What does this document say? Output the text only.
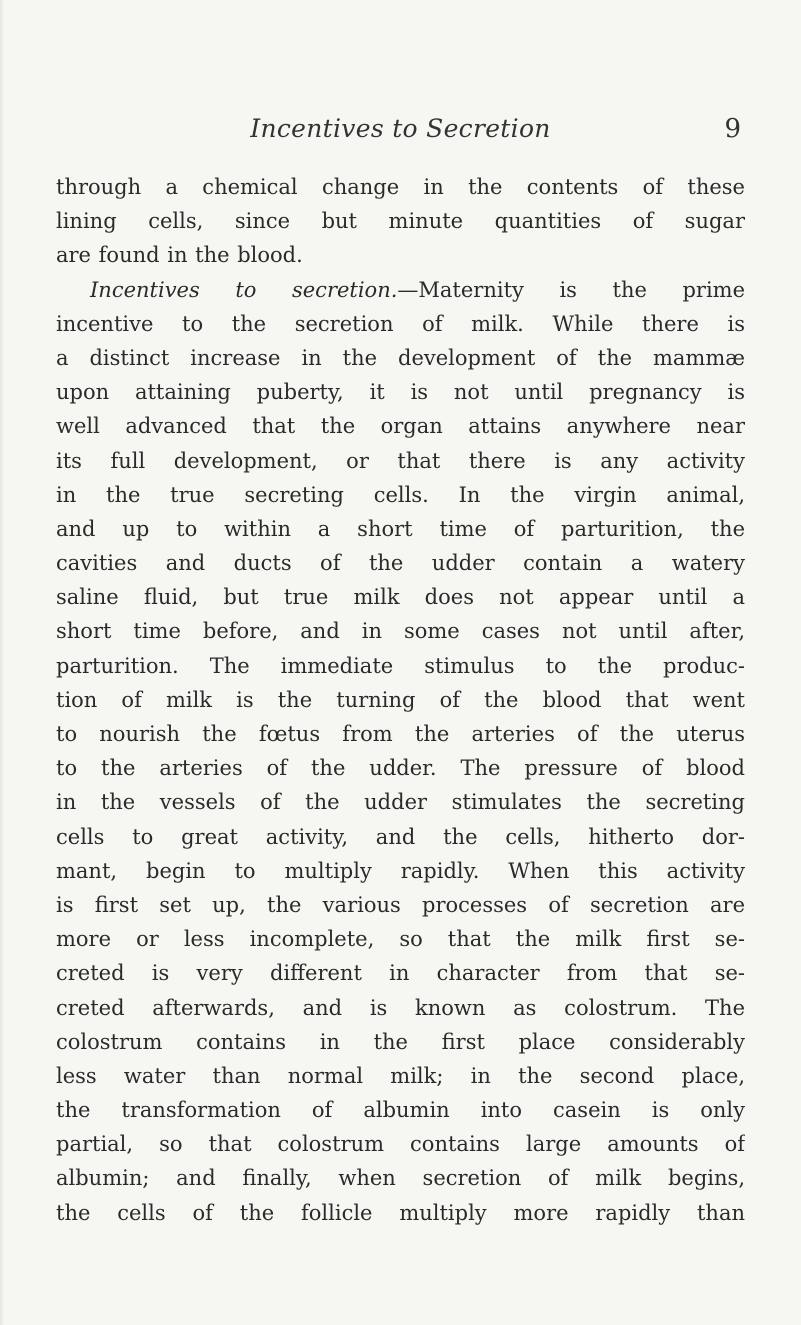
Incentives to Secretion	9
through a chemical change in the contents of these
lining cells, since but minute quantities of sugar
are found in the blood.
Incentives to secretion.—Maternity is the prime
incentive to the secretion of milk. While there is
a distinct increase in the development of the mammæ
upon attaining puberty, it is not until pregnancy is
well advanced that the organ attains anywhere near
its full development, or that there is any activity
in the true secreting cells. In the virgin animal,
and up to within a short time of parturition, the
cavities and ducts of the udder contain a watery
saline fluid, but true milk does not appear until a
short time before, and in some cases not until after,
parturition. The immediate stimulus to the produc-
tion of milk is the turning of the blood that went
to nourish the fœtus from the arteries of the uterus
to the arteries of the udder. The pressure of blood
in the vessels of the udder stimulates the secreting
cells to great activity, and the cells, hitherto dor-
mant, begin to multiply rapidly. When this activity
is first set up, the various processes of secretion are
more or less incomplete, so that the milk first se-
creted is very different in character from that se-
creted afterwards, and is known as colostrum. The
colostrum contains in the first place considerably
less water than normal milk; in the second place,
the transformation of albumin into casein is only
partial, so that colostrum contains large amounts of
albumin; and finally, when secretion of milk begins,
the cells of the follicle multiply more rapidly than
